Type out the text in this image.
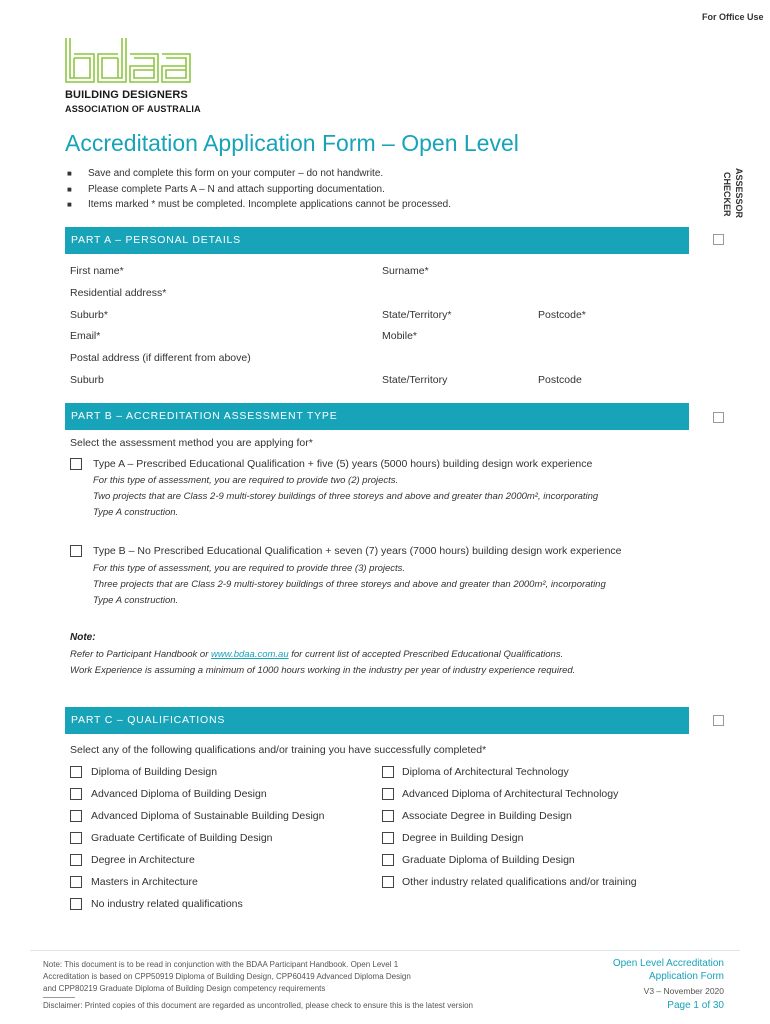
For Office Use
BUILDING DESIGNERS
ASSOCIATION OF AUSTRALIA
Accreditation Application Form – Open Level
■	Save and complete this form on your computer – do not handwrite.
■	Please complete Parts A – N and attach supporting documentation.
■	Items marked * must be completed. Incomplete applications cannot be processed.	ASSESSOR
CHECKER
PART A – PERSONAL DETAILS
First name*	Surname*
Residential address*
Suburb*	State/Territory*	Postcode*
Email*	Mobile*
Postal address (if different from above)
Suburb	State/Territory	Postcode
PART B – ACCREDITATION ASSESSMENT TYPE
Select the assessment method you are applying for*
Type A – Prescribed Educational Qualification + five (5) years (5000 hours) building design work experience
For this type of assessment, you are required to provide two (2) projects.
Two projects that are Class 2-9 multi-storey buildings of three storeys and above and greater than 2000m², incorporating
Type A construction.
Type B – No Prescribed Educational Qualification + seven (7) years (7000 hours) building design work experience
For this type of assessment, you are required to provide three (3) projects.
Three projects that are Class 2-9 multi-storey buildings of three storeys and above and greater than 2000m², incorporating
Type A construction.
Note:
Refer to Participant Handbook or www.bdaa.com.au for current list of accepted Prescribed Educational Qualifications.
Work Experience is assuming a minimum of 1000 hours working in the industry per year of industry experience required.
PART C – QUALIFICATIONS
Select any of the following qualifications and/or training you have successfully completed*
Diploma of Building Design
Advanced Diploma of Building Design
Advanced Diploma of Sustainable Building Design
Graduate Certificate of Building Design
Degree in Architecture
Masters in Architecture
No industry related qualifications
Diploma of Architectural Technology
Advanced Diploma of Architectural Technology
Associate Degree in Building Design
Degree in Building Design
Graduate Diploma of Building Design
Other industry related qualifications and/or training
Note: This document is to be read in conjunction with the BDAA Participant Handbook. Open Level 1
Accreditation is based on CPP50919 Diploma of Building Design, CPP60419 Advanced Diploma Design
and CPP80219 Graduate Diploma of Building Design competency requirements
Disclaimer: Printed copies of this document are regarded as uncontrolled, please check to ensure this is the latest version
Open Level Accreditation
Application Form
V3 – November 2020
Page 1 of 30
